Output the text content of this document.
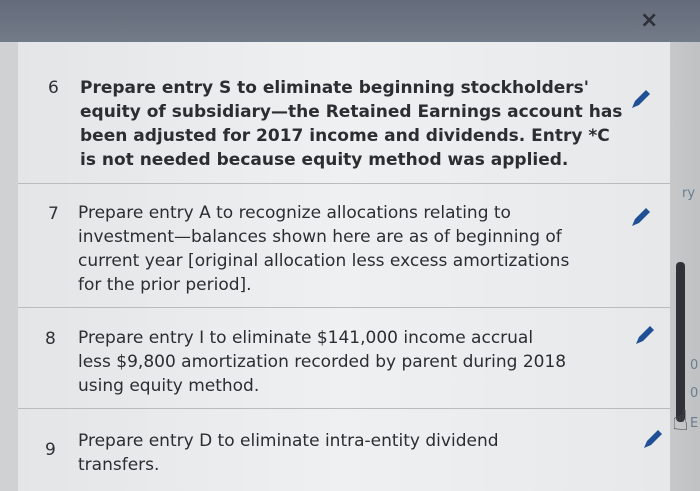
×
6 Prepare entry S to eliminate beginning stockholders'
equity of subsidiary—the Retained Earnings account has
been adjusted for 2017 income and dividends. Entry *C
is not needed because equity method was applied.
7 Prepare entry A to recognize allocations relating to
investment—balances shown here are as of beginning of
current year [original allocation less excess amortizations
for the prior period].
8 Prepare entry I to eliminate $141,000 income accrual
less $9,800 amortization recorded by parent during 2018
using equity method.
9 Prepare entry D to eliminate intra-entity dividend
transfers.
ry
0
0
E
☝
